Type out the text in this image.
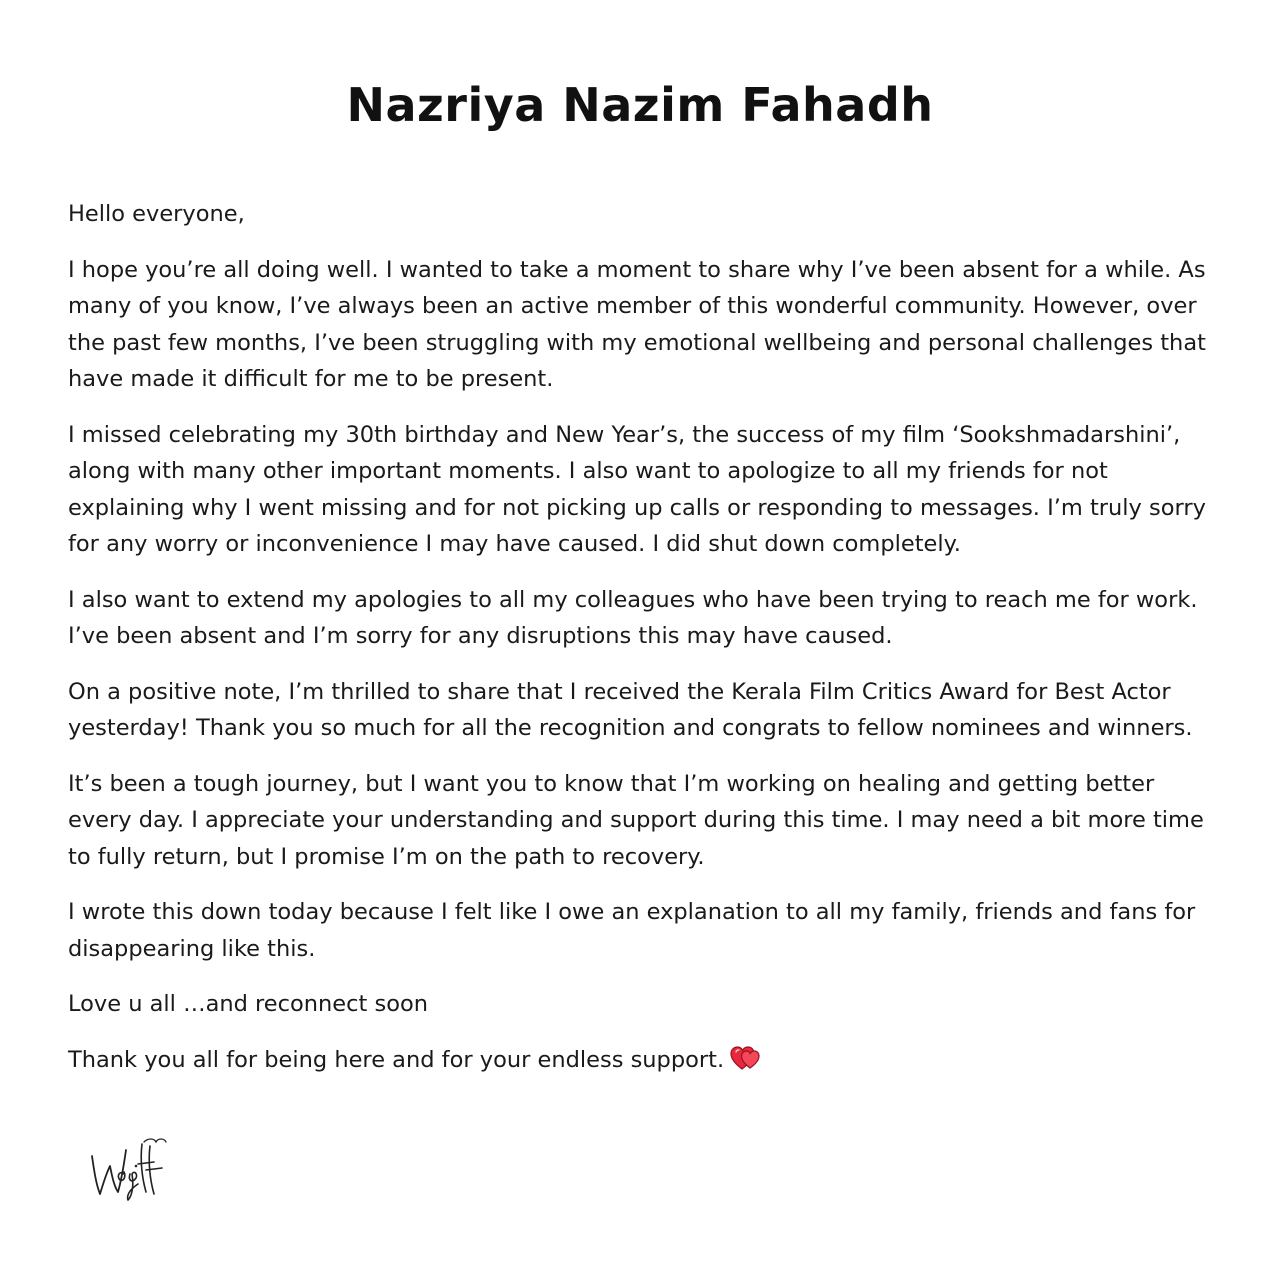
Nazriya Nazim Fahadh

Hello everyone,

I hope you’re all doing well. I wanted to take a moment to share why I’ve been absent for a while. As many of you know, I’ve always been an active member of this wonderful community. However, over the past few months, I’ve been struggling with my emotional wellbeing and personal challenges that have made it difficult for me to be present.

I missed celebrating my 30th birthday and New Year’s, the success of my film ‘Sookshmadarshini’, along with many other important moments. I also want to apologize to all my friends for not explaining why I went missing and for not picking up calls or responding to messages. I’m truly sorry for any worry or inconvenience I may have caused. I did shut down completely.

I also want to extend my apologies to all my colleagues who have been trying to reach me for work. I’ve been absent and I’m sorry for any disruptions this may have caused.

On a positive note, I’m thrilled to share that I received the Kerala Film Critics Award for Best Actor yesterday! Thank you so much for all the recognition and congrats to fellow nominees and winners.

It’s been a tough journey, but I want you to know that I’m working on healing and getting better every day. I appreciate your understanding and support during this time. I may need a bit more time to fully return, but I promise I’m on the path to recovery.

I wrote this down today because I felt like I owe an explanation to all my family, friends and fans for disappearing like this.

Love u all …and reconnect soon

Thank you all for being here and for your endless support.
